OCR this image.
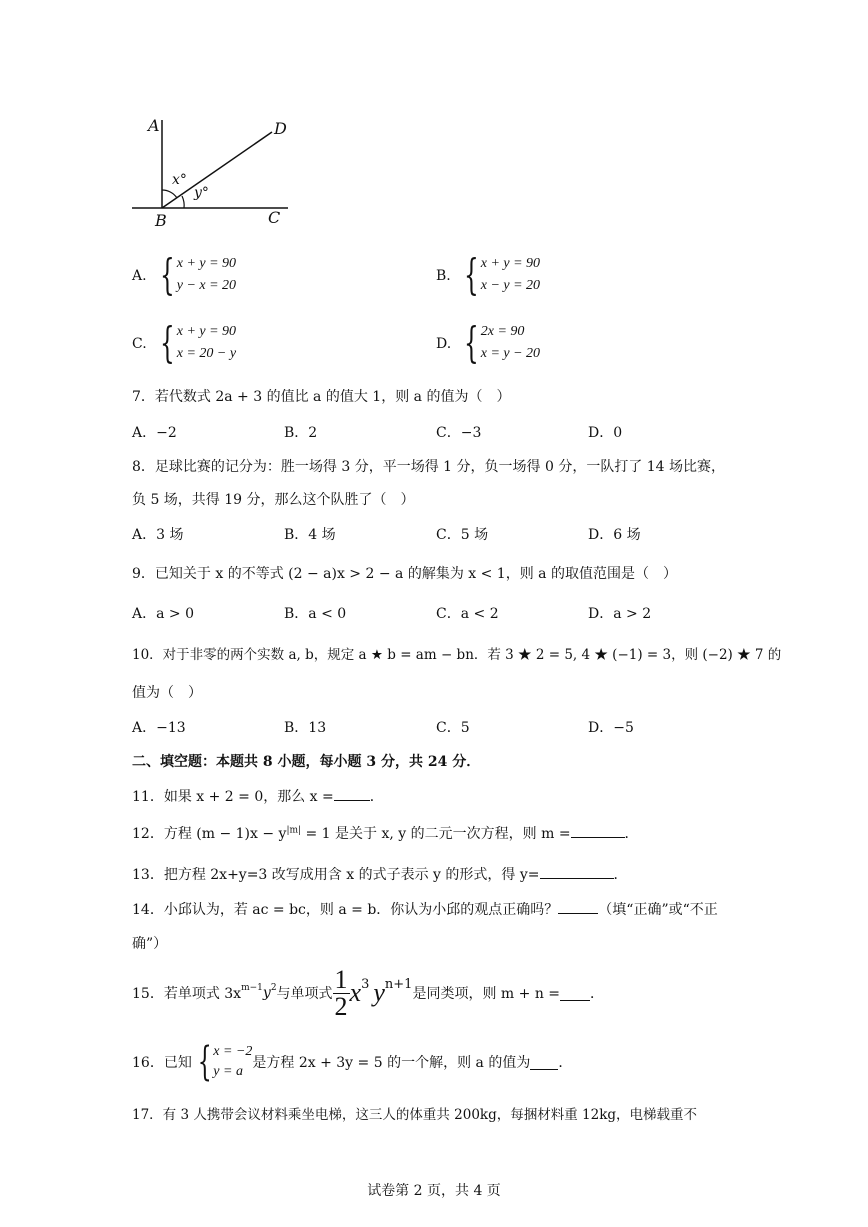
A	D
x°
y°
B	C
A. { x + y = 90
y − x = 20
B. { x + y = 90
x − y = 20
C. { x + y = 90
x = 20 − y
D. { 2x = 90
x = y − 20
7．若代数式 2a + 3 的值比 a 的值大 1，则 a 的值为（　）
A．−2	B．2	C．−3	D．0
8．足球比赛的记分为：胜一场得 3 分，平一场得 1 分，负一场得 0 分，一队打了 14 场比赛，
负 5 场，共得 19 分，那么这个队胜了（　）
A．3 场	B．4 场	C．5 场	D．6 场
9．已知关于 x 的不等式 (2 − a)x > 2 − a 的解集为 x < 1，则 a 的取值范围是（　）
A．a > 0	B．a < 0	C．a < 2	D．a > 2
10．对于非零的两个实数 a, b，规定 a ★ b = am − bn．若 3 ★ 2 = 5, 4 ★ (−1) = 3，则 (−2) ★ 7 的
值为（　）
A．−13	B．13	C．5	D．−5
二、填空题：本题共 8 小题，每小题 3 分，共 24 分．
11．如果 x + 2 = 0，那么 x =	．
12．方程 $(m - 1)x - y^{|m|} = 1$ 是关于 x, y 的二元一次方程，则 m =	．
13．把方程 2x+y=3 改写成用含 x 的式子表示 y 的形式，得 y=	．
14．小邱认为，若 ac = bc，则 a = b．你认为小邱的观点正确吗？	（填“正确”或“不正
确”）
15．若单项式 $3x^{m-1}$ $y^2$ 与单项式 $\frac{1}{2}$ x 3 y n+1
是同类项，则 m + n = ．
16．已知 { x = −2
y = a
是方程 2x + 3y = 5 的一个解，则 a 的值为 ．
17．有 3 人携带会议材料乘坐电梯，这三人的体重共 200kg，每捆材料重 12kg，电梯载重不
试卷第 2 页，共 4 页
